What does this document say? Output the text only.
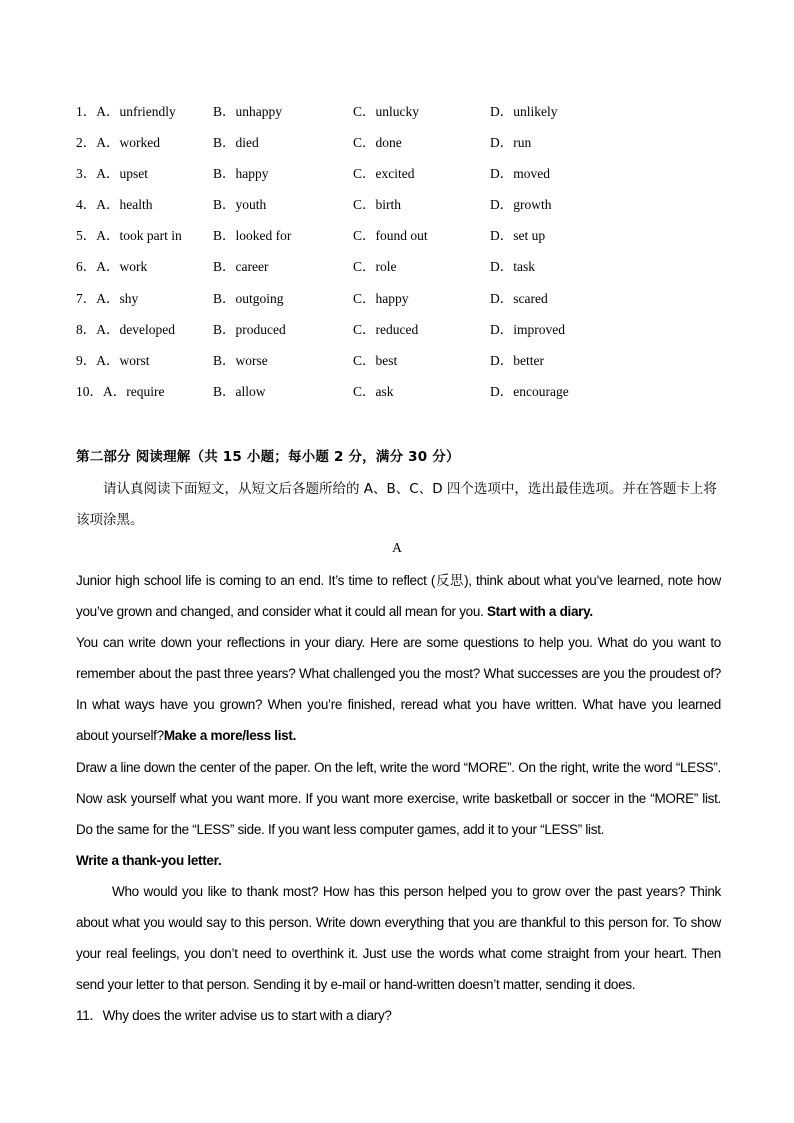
1．A．unfriendly	B．unhappy	C．unlucky	D．unlikely
2．A．worked	B．died	C．done	D．run
3．A．upset	B．happy	C．excited	D．moved
4．A．health	B．youth	C．birth	D．growth
5．A．took part in B．looked for	C．found out	D．set up
6．A．work	B．career	C．role	D．task
7．A．shy	B．outgoing	C．happy	D．scared
8．A．developed	B．produced	C．reduced	D．improved
9．A．worst	B．worse	C．best	D．better
10．A．require	B．allow	C．ask	D．encourage
第二部分 阅读理解（共 15 小题；每小题 2 分，满分 30 分）
请认真阅读下面短文，从短文后各题所给的 A、B、C、D 四个选项中，选出最佳选项。并在答题卡上将该项涂黑。
A

Junior high school life is coming to an end. It’s time to reflect (反思), think about what you’ve learned, note how you’ve grown and changed, and consider what it could all mean for you. Start with a diary.

You can write down your reflections in your diary. Here are some questions to help you. What do you want to remember about the past three years? What challenged you the most? What successes are you the proudest of? In what ways have you grown? When you’re finished, reread what you have written. What have you learned about yourself?Make a more/less list.

Draw a line down the center of the paper. On the left, write the word “MORE”. On the right, write the word “LESS”. Now ask yourself what you want more. If you want more exercise, write basketball or soccer in the “MORE” list. Do the same for the “LESS” side. If you want less computer games, add it to your “LESS” list.

Write a thank-you letter.

Who would you like to thank most? How has this person helped you to grow over the past years? Think about what you would say to this person. Write down everything that you are thankful to this person for. To show your real feelings, you don’t need to overthink it. Just use the words what come straight from your heart. Then send your letter to that person. Sending it by e-mail or hand-written doesn’t matter, sending it does.

11．Why does the writer advise us to start with a diary?
